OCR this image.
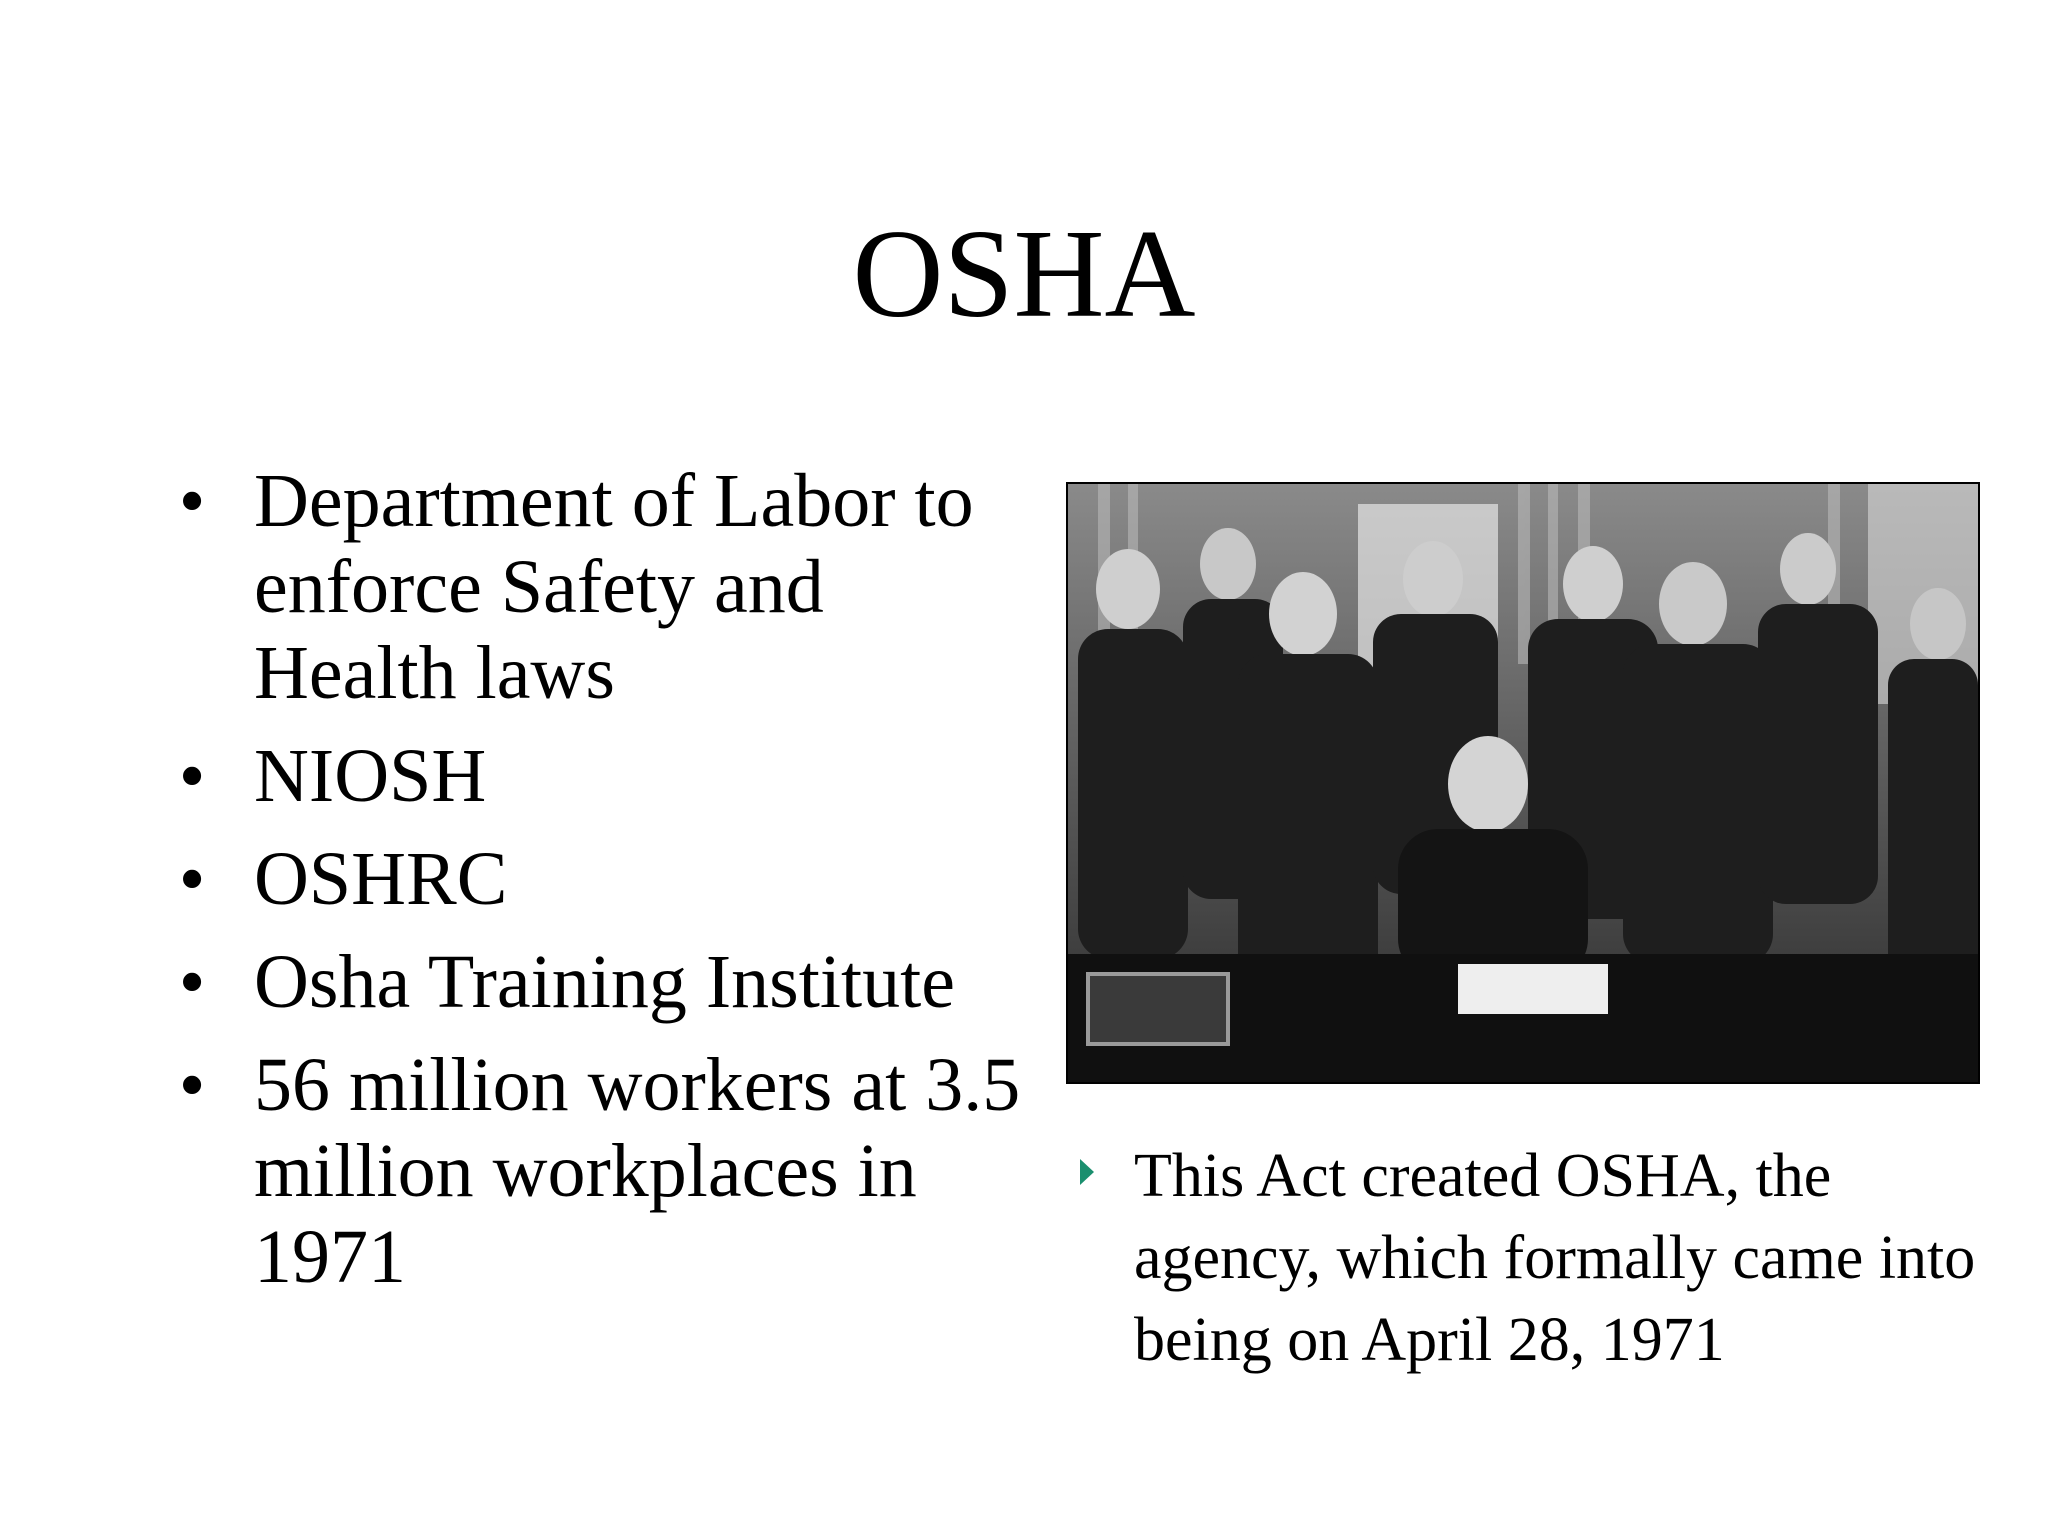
OSHA
• Department of Labor to enforce Safety and Health laws
• NIOSH
• OSHRC
• Osha Training Institute
• 56 million workers at 3.5 million workplaces in 1971
This Act created OSHA, the agency, which formally came into being on April 28, 1971
